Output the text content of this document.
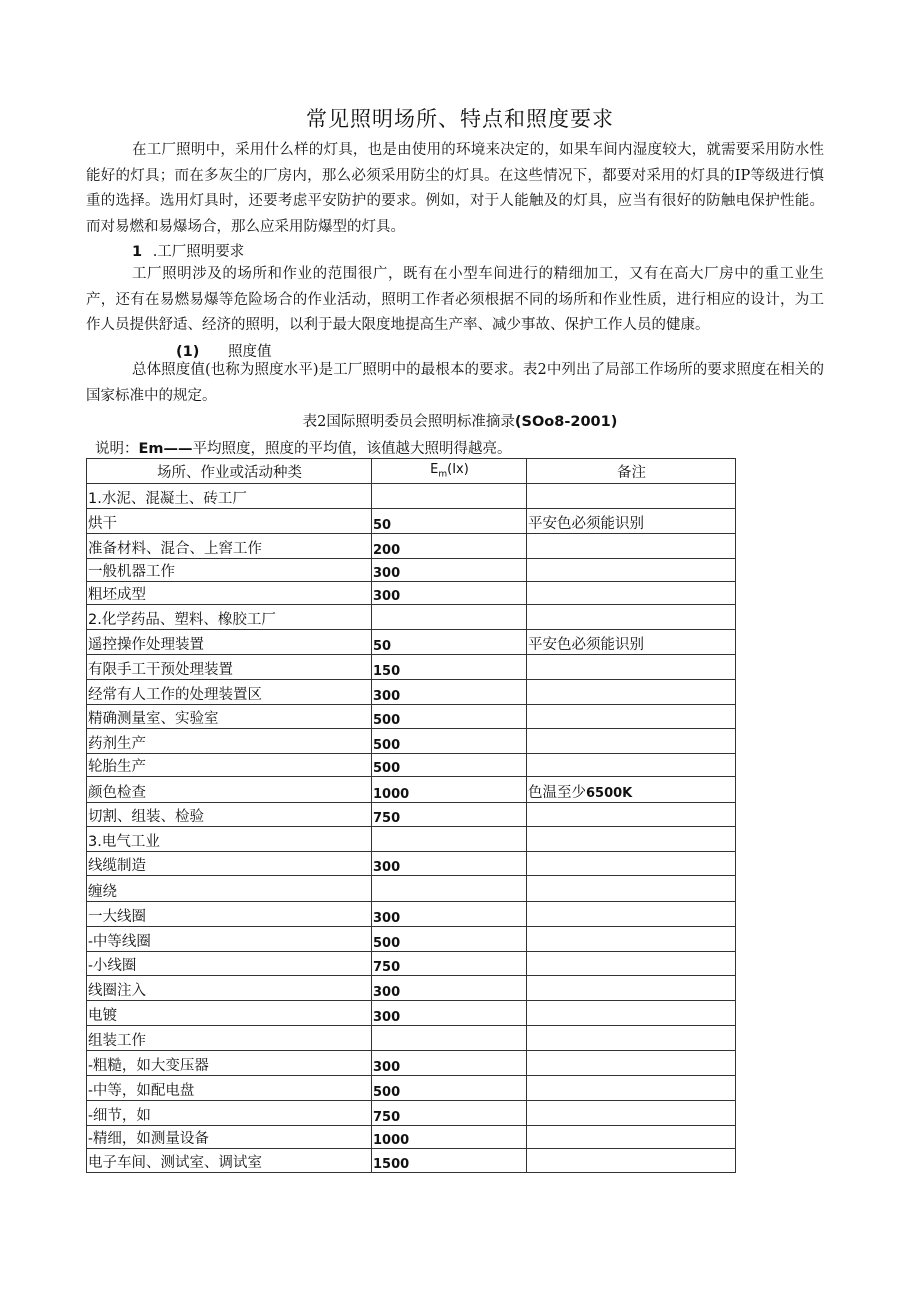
常见照明场所、特点和照度要求
在工厂照明中，采用什么样的灯具，也是由使用的环境来决定的，如果车间内湿度较大，就需要采用防水性能好的灯具；而在多灰尘的厂房内，那么必须采用防尘的灯具。在这些情况下，都要对采用的灯具的IP等级进行慎重的选择。选用灯具时，还要考虑平安防护的要求。例如，对于人能触及的灯具，应当有很好的防触电保护性能。而对易燃和易爆场合，那么应采用防爆型的灯具。
1 .工厂照明要求
工厂照明涉及的场所和作业的范围很广，既有在小型车间进行的精细加工，又有在高大厂房中的重工业生产，还有在易燃易爆等危险场合的作业活动，照明工作者必须根据不同的场所和作业性质，进行相应的设计，为工作人员提供舒适、经济的照明，以利于最大限度地提高生产率、减少事故、保护工作人员的健康。
(1) 照度值
总体照度值(也称为照度水平)是工厂照明中的最根本的要求。表2中列出了局部工作场所的要求照度在相关的国家标准中的规定。
表2国际照明委员会照明标准摘录(SOo8-2001)
说明：Em——平均照度，照度的平均值，该值越大照明得越亮。
场所、作业或活动种类	$E_m(Ix)$	备注
1.水泥、混凝土、砖工厂		
烘干	50	平安色必须能识别
准备材料、混合、上窖工作	200	
一般机器工作	300	
粗坯成型	300	
2.化学药品、塑料、橡胶工厂		
遥控操作处理装置	50	平安色必须能识别
有限手工干预处理装置	150	
经常有人工作的处理装置区	300	
精确测量室、实验室	500	
药剂生产	500	
轮胎生产	500	
颜色检查	1000	色温至少6500K
切割、组装、检验	750	
3.电气工业		
线缆制造	300	
缠绕		
一大线圈	300	
-中等线圈	500	
-小线圈	750	
线圈注入	300	
电镀	300	
组装工作		
-粗糙，如大变压器	300	
-中等，如配电盘	500	
-细节，如	750	
-精细，如测量设备	1000	
电子车间、测试室、调试室	1500	
